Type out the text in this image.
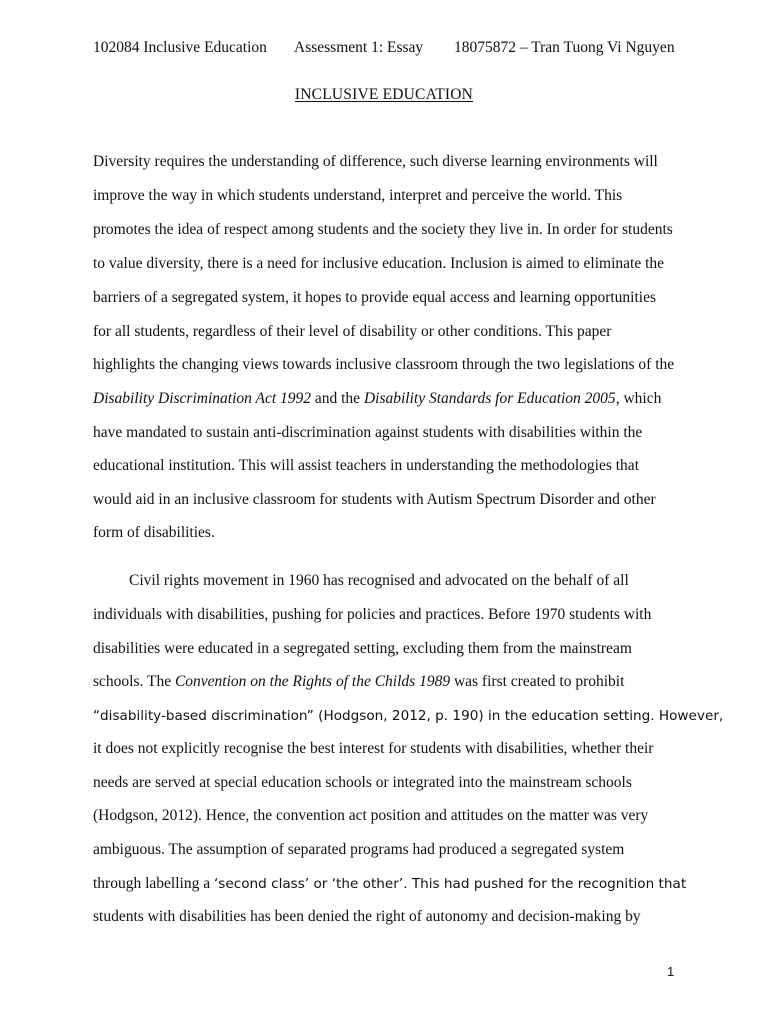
102084 Inclusive Education Assessment 1: Essay 18075872 – Tran Tuong Vi Nguyen
INCLUSIVE EDUCATION
Diversity requires the understanding of difference, such diverse learning environments will
improve the way in which students understand, interpret and perceive the world. This
promotes the idea of respect among students and the society they live in. In order for students
to value diversity, there is a need for inclusive education. Inclusion is aimed to eliminate the
barriers of a segregated system, it hopes to provide equal access and learning opportunities
for all students, regardless of their level of disability or other conditions. This paper
highlights the changing views towards inclusive classroom through the two legislations of the
Disability Discrimination Act 1992 and the Disability Standards for Education 2005, which
have mandated to sustain anti-discrimination against students with disabilities within the
educational institution. This will assist teachers in understanding the methodologies that
would aid in an inclusive classroom for students with Autism Spectrum Disorder and other
form of disabilities.
Civil rights movement in 1960 has recognised and advocated on the behalf of all
individuals with disabilities, pushing for policies and practices. Before 1970 students with
disabilities were educated in a segregated setting, excluding them from the mainstream
schools. The Convention on the Rights of the Childs 1989 was first created to prohibit
“disability-based discrimination” (Hodgson, 2012, p. 190) in the education setting. However,
it does not explicitly recognise the best interest for students with disabilities, whether their
needs are served at special education schools or integrated into the mainstream schools
(Hodgson, 2012). Hence, the convention act position and attitudes on the matter was very
ambiguous. The assumption of separated programs had produced a segregated system
through labelling a ‘second class’ or ‘the other’. This had pushed for the recognition that
students with disabilities has been denied the right of autonomy and decision-making by
1
